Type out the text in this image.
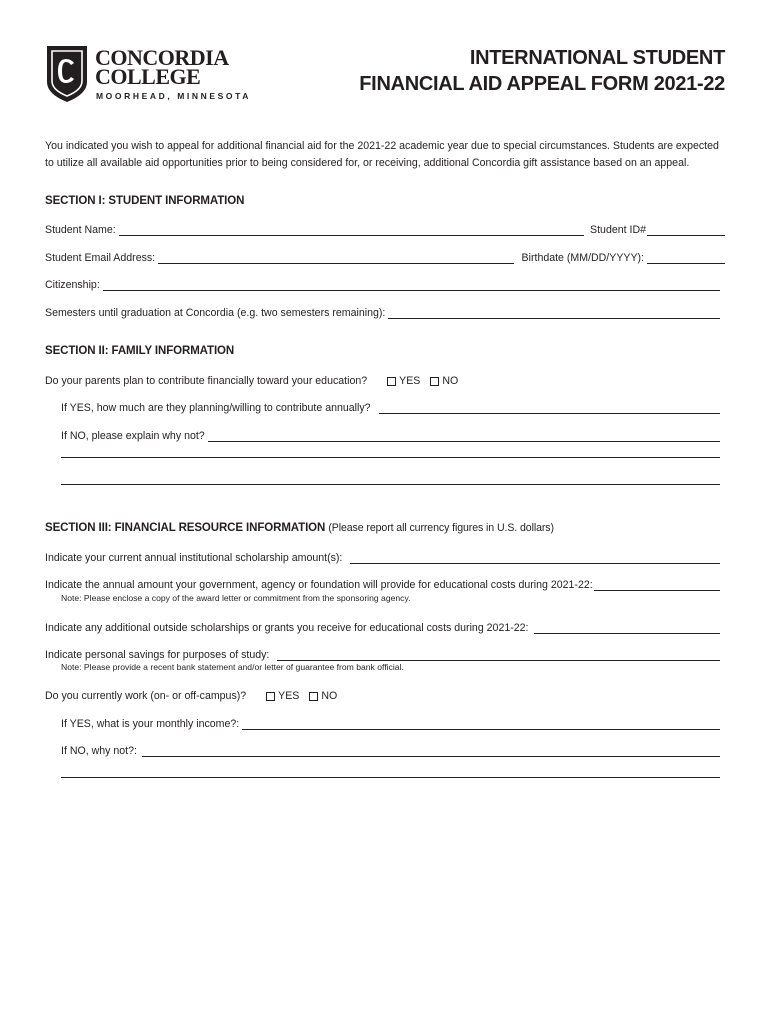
CONCORDIA
COLLEGE
MOORHEAD, MINNESOTA
INTERNATIONAL STUDENT
FINANCIAL AID APPEAL FORM 2021-22
You indicated you wish to appeal for additional financial aid for the 2021-22 academic year due to special circumstances. Students are expected to utilize all available aid opportunities prior to being considered for, or receiving, additional Concordia gift assistance based on an appeal.
SECTION I: STUDENT INFORMATION
Student Name:	Student ID#
Student Email Address:	Birthdate (MM/DD/YYYY):
Citizenship:
Semesters until graduation at Concordia (e.g. two semesters remaining):
SECTION II: FAMILY INFORMATION
Do your parents plan to contribute financially toward your education?	YES NO
If YES, how much are they planning/willing to contribute annually?
If NO, please explain why not?
SECTION III: FINANCIAL RESOURCE INFORMATION (Please report all currency figures in U.S. dollars)
Indicate your current annual institutional scholarship amount(s):
Indicate the annual amount your government, agency or foundation will provide for educational costs during 2021-22:
Note: Please enclose a copy of the award letter or commitment from the sponsoring agency.
Indicate any additional outside scholarships or grants you receive for educational costs during 2021-22:
Indicate personal savings for purposes of study:
Note: Please provide a recent bank statement and/or letter of guarantee from bank official.
Do you currently work (on- or off-campus)?	YES NO
If YES, what is your monthly income?:
If NO, why not?:
